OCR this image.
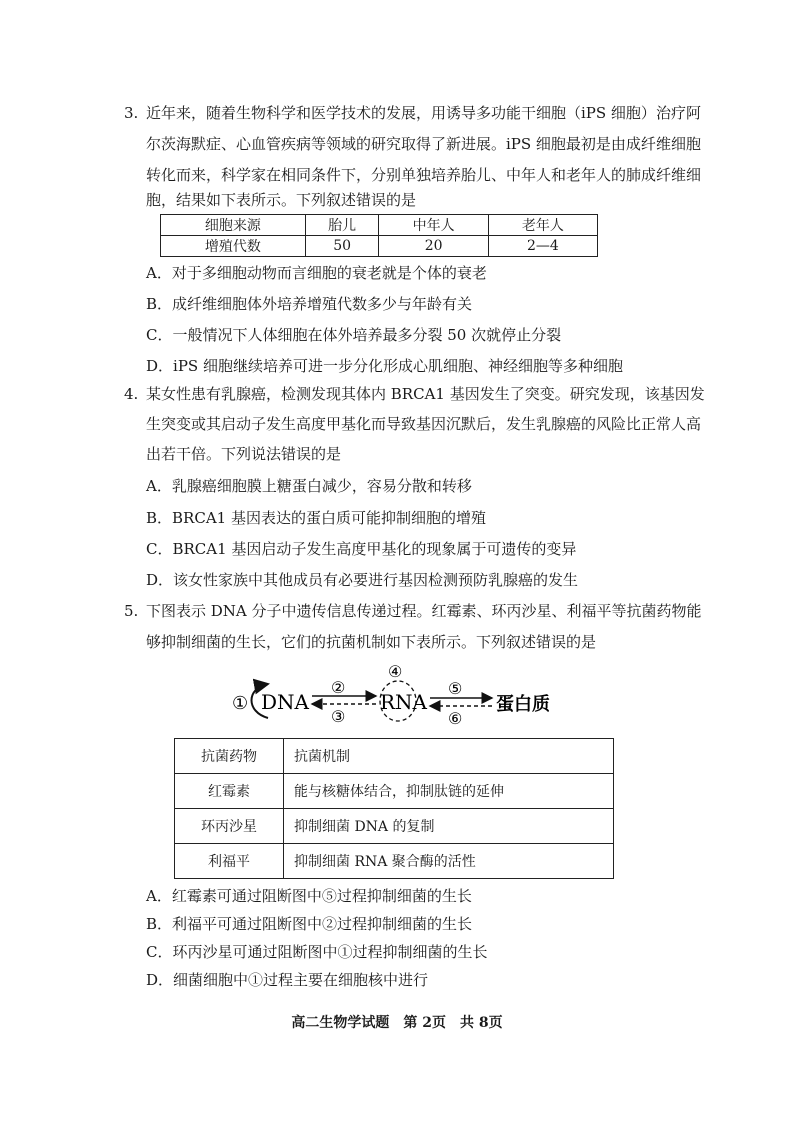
3. 近年来，随着生物科学和医学技术的发展，用诱导多功能干细胞（iPS 细胞）治疗阿
尔茨海默症、心血管疾病等领域的研究取得了新进展。iPS 细胞最初是由成纤维细胞
转化而来，科学家在相同条件下，分别单独培养胎儿、中年人和老年人的肺成纤维细
胞，结果如下表所示。下列叙述错误的是
细胞来源	胎儿	中年人	老年人
增殖代数	50	20	2—4
A．对于多细胞动物而言细胞的衰老就是个体的衰老
B．成纤维细胞体外培养增殖代数多少与年龄有关
C．一般情况下人体细胞在体外培养最多分裂 50 次就停止分裂
D．iPS 细胞继续培养可进一步分化形成心肌细胞、神经细胞等多种细胞
4. 某女性患有乳腺癌，检测发现其体内 BRCA1 基因发生了突变。研究发现，该基因发
生突变或其启动子发生高度甲基化而导致基因沉默后，发生乳腺癌的风险比正常人高
出若干倍。下列说法错误的是
A．乳腺癌细胞膜上糖蛋白减少，容易分散和转移
B．BRCA1 基因表达的蛋白质可能抑制细胞的增殖
C．BRCA1 基因启动子发生高度甲基化的现象属于可遗传的变异
D．该女性家族中其他成员有必要进行基因检测预防乳腺癌的发生
5. 下图表示 DNA 分子中遗传信息传递过程。红霉素、环丙沙星、利福平等抗菌药物能
够抑制细菌的生长，它们的抗菌机制如下表所示。下列叙述错误的是
① DNA
②
③
④
RNA
⑤
⑥
蛋白质
抗菌药物	抗菌机制
红霉素	能与核糖体结合，抑制肽链的延伸
环丙沙星	抑制细菌 DNA 的复制
利福平	抑制细菌 RNA 聚合酶的活性
A．红霉素可通过阻断图中⑤过程抑制细菌的生长
B．利福平可通过阻断图中②过程抑制细菌的生长
C．环丙沙星可通过阻断图中①过程抑制细菌的生长
D．细菌细胞中①过程主要在细胞核中进行
高二生物学试题　第 2页　共 8页
